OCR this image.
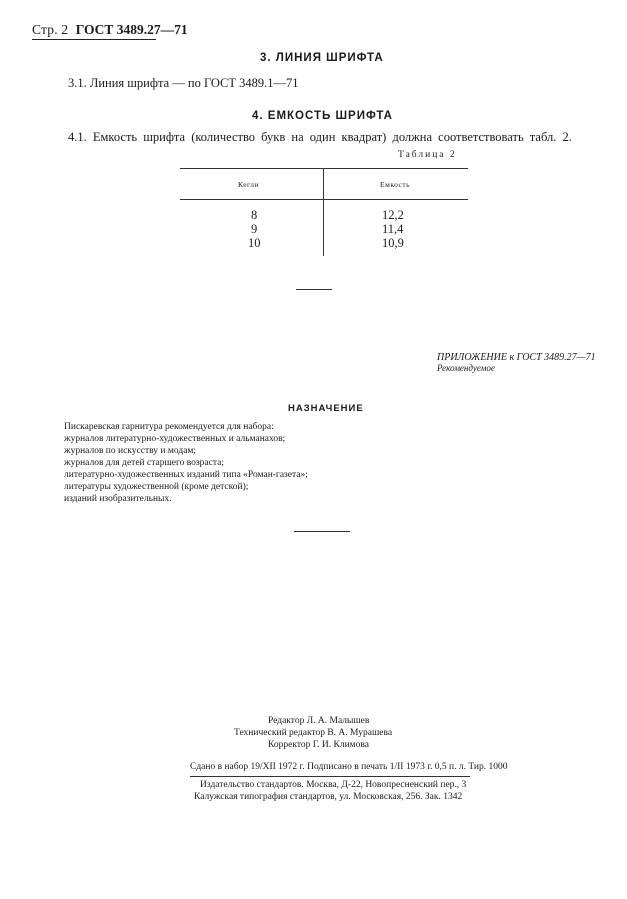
Стр. 2 ГОСТ 3489.27—71
3. ЛИНИЯ ШРИФТА
3.1. Линия шрифта — по ГОСТ 3489.1—71
4. ЕМКОСТЬ ШРИФТА
4.1. Емкость шрифта (количество букв на один квадрат) должна соответствовать табл. 2.
Таблица 2
Кегли	Емкость
8	12,2
9	11,4
10	10,9
ПРИЛОЖЕНИЕ к ГОСТ 3489.27—71
Рекомендуемое
НАЗНАЧЕНИЕ
Пискаревская гарнитура рекомендуется для набора:
журналов литературно-художественных и альманахов;
журналов по искусству и модам;
журналов для детей старшего возраста;
литературно-художественных изданий типа «Роман-газета»;
литературы художественной (кроме детской);
изданий изобразительных.
Редактор Л. А. Малышев
Технический редактор В. А. Мурашева
Корректор Г. И. Климова
Сдано в набор 19/XII 1972 г. Подписано в печать 1/II 1973 г. 0,5 п. л. Тир. 1000
Издательство стандартов. Москва, Д-22, Новопресненский пер., 3
Калужская типография стандартов, ул. Московская, 256. Зак. 1342
